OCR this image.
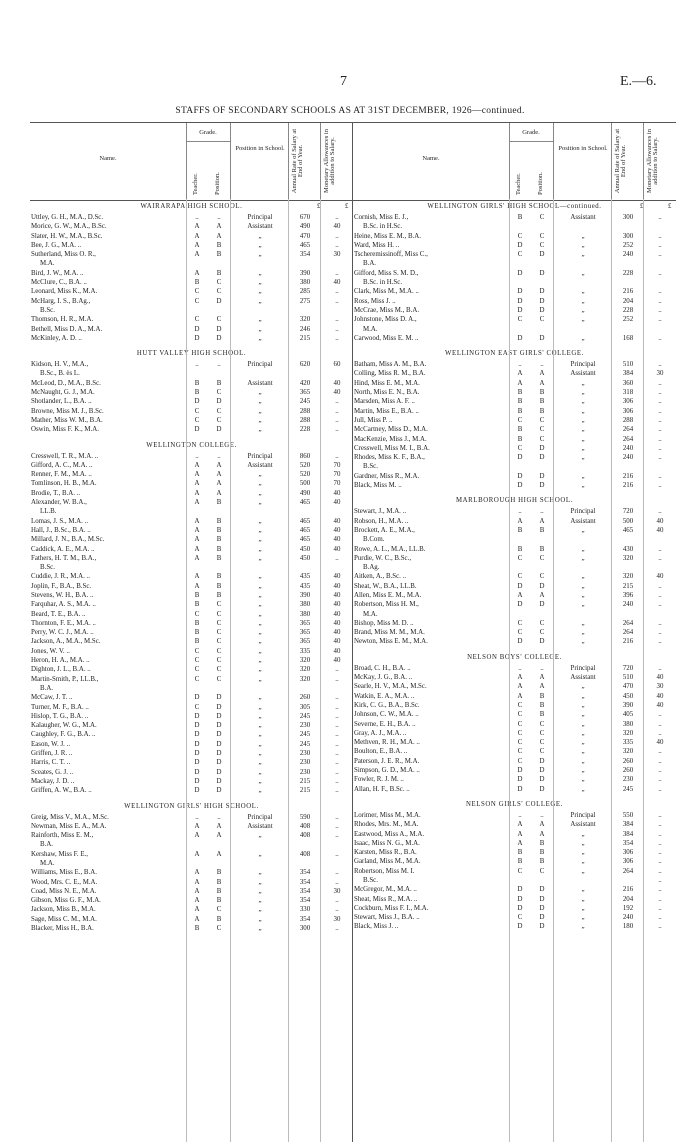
7	E.—6.
STAFFS OF SECONDARY SCHOOLS AS AT 31ST DECEMBER, 1926—continued.
Name.
Grade.
Position in School.
Teacher. Position.	Annual Rate of Salary at End of Year.	Monetary Allowances in addition to Salary.
WAIRARAPA HIGH SCHOOL.	£	£
Uttley, G. H., M.A., D.Sc.	..	..	Principal	670	..
Morice, G. W., M.A., B.Sc.	A	A	Assistant	490	40
Slater, H. W., M.A., B.Sc.	A	A	„	470	..
Bee, J. G., M.A. ..	A	B	„	465	..
Sutherland, Miss O. R.,	A	B	„	354	30
M.A.
Bird, J. W., M.A. ..	A	B	„	390	..
McClure, C., B.A. ..	B	C	„	380	40
Leonard, Miss K., M.A.	C	C	„	285	..
McHarg, I. S., B.Ag.,	C	D	„	275	..
B.Sc.
Thomson, H. R., M.A.	C	C	„	320	..
Bethell, Miss D. A., M.A.	D	D	„	246	..
McKinley, A. D. ..	D	D	„	215	..
HUTT VALLEY HIGH SCHOOL.
Kidson, H. V., M.A.,	..	..	Principal	620	60
B.Sc., B. ès L.
McLeod, D., M.A., B.Sc.	B	B	Assistant	420	40
McNaught, G. J., M.A.	B	C	„	365	40
Shotlander, L., B.A. ..	D	D	„	245	..
Browne, Miss M. J., B.Sc.	C	C	„	288	..
Mather, Miss W. M., B.A.	C	C	„	288	..
Oswin, Miss F. K., M.A.	D	D	„	228	..
WELLINGTON COLLEGE.
Cresswell, T. R., M.A. ..	..	..	Principal	860	..
Gifford, A. C., M.A. ..	A	A	Assistant	520	70
Renner, F. M., M.A. ..	A	A	„	520	70
Tomlinson, H. B., M.A.	A	A	„	500	70
Brodie, T., B.A. ..	A	A	„	490	40
Alexander, W. B.A.,	A	B	„	465	40
LL.B.
Lomas, J. S., M.A. ..	A	B	„	465	40
Hall, J., B.Sc., B.A. ..	A	B	„	465	40
Millard, J. N., B.A., M.Sc.	A	B	„	465	40
Caddick, A. E., M.A. ..	A	B	„	450	40
Fathers, H. T. M., B.A.,	A	B	„	450	..
B.Sc.
Cuddie, J. R., M.A. ..	A	B	„	435	40
Joplin, F., B.A., B.Sc.	A	B	„	435	40
Stevens, W. H., B.A. ..	B	B	„	390	40
Farquhar, A. S., M.A. ..	B	C	„	380	40
Beard, T. E., B.A. ..	C	C	„	380	40
Thornton, F. E., M.A. ..	B	C	„	365	40
Perry, W. C. J., M.A. ..	B	C	„	365	40
Jackson, A., M.A., M.Sc.	B	C	„	365	40
Jones, W. V. ..	C	C	„	335	40
Heron, H. A., M.A. ..	C	C	„	320	40
Dighton, J. L., B.A. ..	C	C	„	320	..
Martin-Smith, P., LL.B.,	C	C	„	320	..
B.A.
McCaw, J. T. ..	D	D	„	260	..
Turner, M. F., B.A. ..	C	D	„	305	..
Hislop, T. G., B.A. ..	D	D	„	245	..
Kalaugher, W. G., M.A.	D	D	„	230	..
Caughley, F. G., B.A. ..	D	D	„	245	..
Eason, W. J. ..	D	D	„	245	..
Griffen, J. R. ..	D	D	„	230	..
Harris, C. T. ..	D	D	„	230	..
Sceates, G. J. ..	D	D	„	230	..
Mackay, J. D. ..	D	D	„	215	..
Griffen, A. W., B.A. ..	D	D	„	215	..
WELLINGTON GIRLS' HIGH SCHOOL.
Greig, Miss V., M.A., M.Sc.	..	..	Principal	590	..
Newman, Miss E. A., M.A.	A	A	Assistant	408	..
Rainforth, Miss E. M.,	A	A	„	408	..
B.A.
Kershaw, Miss F. E.,	A	A	„	408	..
M.A.
Williams, Miss E., B.A.	A	B	„	354	..
Wood, Mrs. C. E., M.A.	A	B	„	354	..
Coad, Miss N. E., M.A.	A	B	„	354	30
Gibson, Miss G. F., M.A.	A	B	„	354	..
Jackson, Miss B., M.A.	A	C	„	330	..
Sage, Miss C. M., M.A.	A	B	„	354	30
Blacker, Miss H., B.A.	B	C	„	300	..
Name.
Grade.
Position in School.
Teacher. Position.	Annual Rate of Salary at End of Year.	Monetary Allowances in addition to Salary.
WELLINGTON GIRLS' HIGH SCHOOL—continued.	£	£
Cornish, Miss E. J.,	B	C	Assistant	300	..
B.Sc. in H.Sc.
Heine, Miss E. M., B.A.	C	C	„	300	..
Ward, Miss H. ..	D	C	„	252	..
Tscheremissinoff, Miss C.,	C	D	„	240	..
B.A.
Gifford, Miss S. M. D.,	D	D	„	228	..
B.Sc. in H.Sc.
Clark, Miss M., M.A. ..	D	D	„	216	..
Ross, Miss J. ..	D	D	„	204	..
McCrae, Miss M., B.A.	D	D	„	228	..
Johnstone, Miss D. A.,	C	C	„	252	..
M.A.
Carwood, Miss E. M. ..	D	D	„	168	..
WELLINGTON EAST GIRLS' COLLEGE.
Batham, Miss A. M., B.A.	..	..	Principal	510	..
Colling, Miss R. M., B.A.	A	A	Assistant	384	30
Hind, Miss E. M., M.A.	A	A	„	360	..
North, Miss E. N., B.A.	B	B	„	318	..
Marsden, Miss A. F. ..	B	B	„	306	..
Martin, Miss E., B.A. ..	B	B	„	306	..
Jull, Miss P. ..	C	C	„	288	..
McCartney, Miss D., M.A.	B	C	„	264	..
MacKenzie, Miss J., M.A.	B	C	„	264	..
Cresswell, Miss M. I., B.A.	C	D	„	240	..
Rhodes, Miss K. F., B.A.,	D	D	„	240	..
B.Sc.
Gardner, Miss R., M.A.	D	D	„	216	..
Black, Miss M. ..	D	D	„	216	..
MARLBOROUGH HIGH SCHOOL.
Stewart, J., M.A. ..	..	..	Principal	720	..
Robson, H., M.A. ..	A	A	Assistant	500	40
Brockett, A. E., M.A.,	B	B	„	465	40
B.Com.
Rowe, A. L., M.A., LL.B.	B	B	„	430	..
Purdie, W. C., B.Sc.,	C	C	„	320	..
B.Ag.
Aitken, A., B.Sc. ..	C	C	„	320	40
Sheat, W., B.A., LL.B.	D	D	„	215	..
Allen, Miss E. M., M.A.	A	A	„	396	..
Robertson, Miss H. M.,	D	D	„	240	..
M.A.
Bishop, Miss M. D. ..	C	C	„	264	..
Brand, Miss M. M., M.A.	C	C	„	264	..
Newton, Miss E. M., M.A.	D	D	„	216	..
NELSON BOYS' COLLEGE.
Broad, C. H., B.A. ..	..	..	Principal	720	..
McKay, J. G., B.A. ..	A	A	Assistant	510	40
Searle, H. V., M.A., M.Sc.	A	A	„	470	30
Watkin, E. A., M.A. ..	A	B	„	450	40
Kirk, C. G., B.A., B.Sc.	C	B	„	390	40
Johnson, C. W., M.A. ..	C	B	„	405	..
Severne, E. H., B.A. ..	C	C	„	380	..
Gray, A. J., M.A. ..	C	C	„	320	..
Methven, R. H., M.A. ..	C	C	„	335	40
Boulton, E., B.A. ..	C	C	„	320	..
Paterson, J. E. R., M.A.	C	D	„	260	..
Simpson, G. D., M.A. ..	D	D	„	260	..
Fowler, R. J. M. ..	D	D	„	230	..
Allan, H. F., B.Sc. ..	D	D	„	245	..
NELSON GIRLS' COLLEGE.
Lorimer, Miss M., M.A.	..	..	Principal	550	..
Rhodes, Mrs. M., M.A.	A	A	Assistant	384	..
Eastwood, Miss A., M.A.	A	A	„	384	..
Isaac, Miss N. G., M.A.	A	B	„	354	..
Karsten, Miss R., B.A.	B	B	„	306	..
Garland, Miss M., M.A.	B	B	„	306	..
Robertson, Miss M. I.	C	C	„	264	..
B.Sc.	..
McGregor, M., M.A. ..	D	D	„	216	..
Sheat, Miss R., M.A. ..	D	D	„	204	..
Cockburn, Miss F. I., M.A.	D	D	„	192	..
Stewart, Miss J., B.A. ..	C	D	„	240	..
Black, Miss J. ..	D	D	„	180	..
